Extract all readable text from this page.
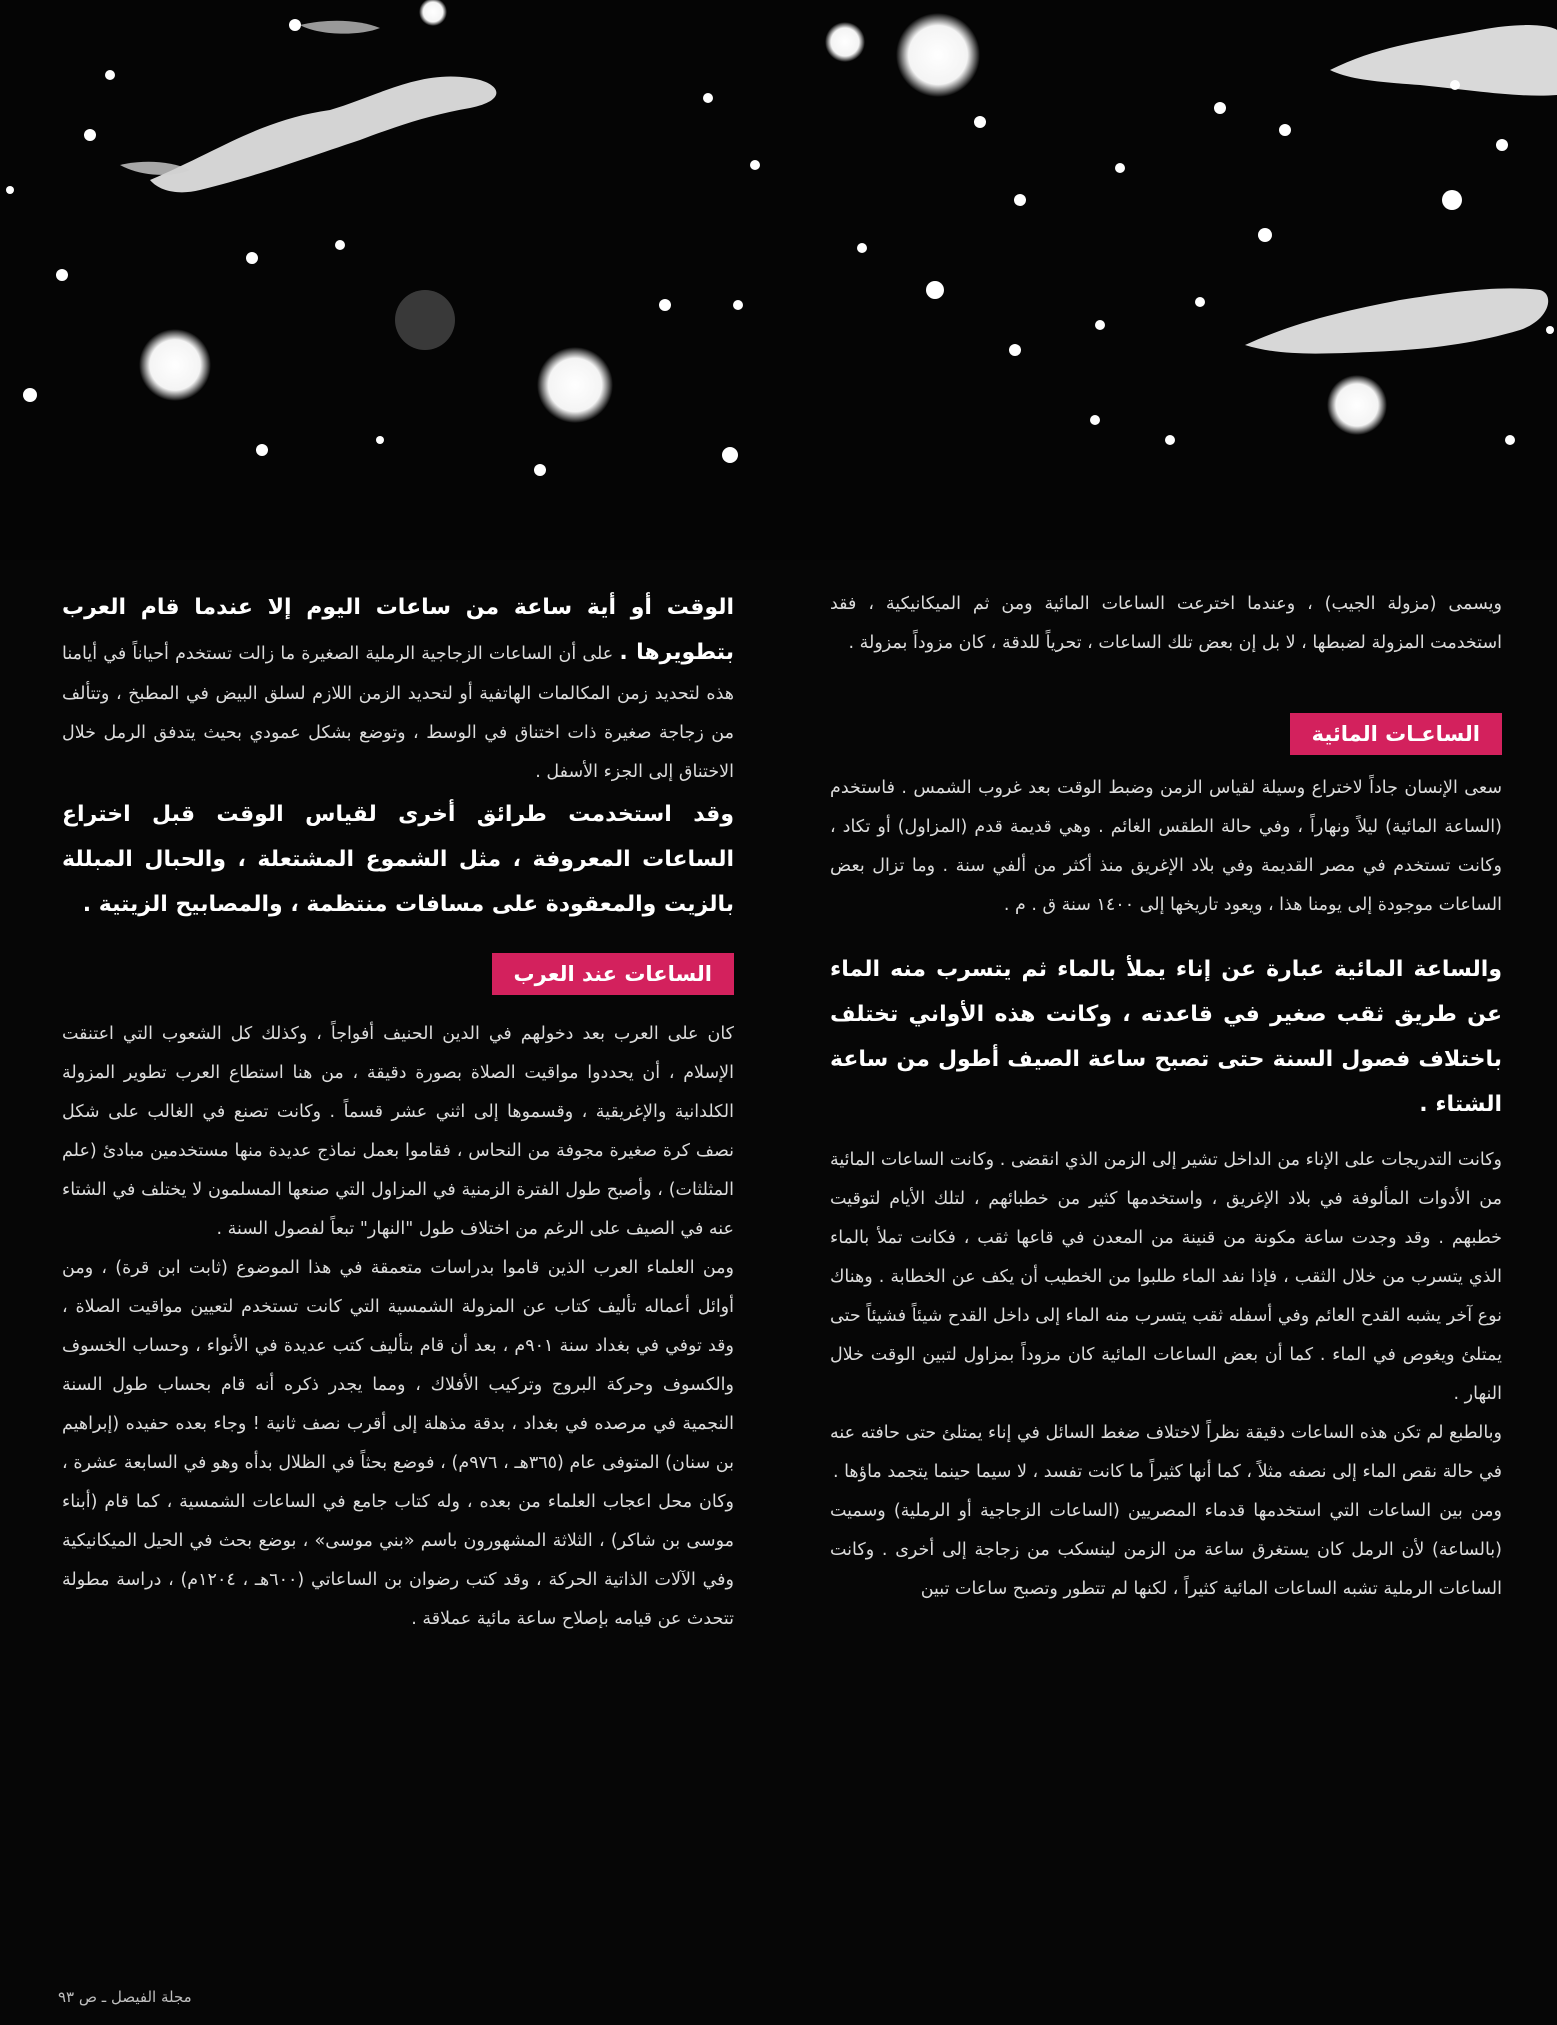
ويسمى (مزولة الجيب) ، وعندما اخترعت الساعات المائية ومن ثم الميكانيكية ، فقد استخدمت المزولة لضبطها ، لا بل إن بعض تلك الساعات ، تحرياً للدقة ، كان مزوداً بمزولة .

الساعـات المائية

سعى الإنسان جاداً لاختراع وسيلة لقياس الزمن وضبط الوقت بعد غروب الشمس . فاستخدم (الساعة المائية) ليلاً ونهاراً ، وفي حالة الطقس الغائم . وهي قديمة قدم (المزاول) أو تكاد ، وكانت تستخدم في مصر القديمة وفي بلاد الإغريق منذ أكثر من ألفي سنة . وما تزال بعض الساعات موجودة إلى يومنا هذا ، ويعود تاريخها إلى ١٤٠٠ سنة ق . م .

والساعة المائية عبارة عن إناء يملأ بالماء ثم يتسرب منه الماء عن طريق ثقب صغير في قاعدته ، وكانت هذه الأواني تختلف باختلاف فصول السنة حتى تصبح ساعة الصيف أطول من ساعة الشتاء .

وكانت التدريجات على الإناء من الداخل تشير إلى الزمن الذي انقضى . وكانت الساعات المائية من الأدوات المألوفة في بلاد الإغريق ، واستخدمها كثير من خطبائهم ، لتلك الأيام لتوقيت خطبهم . وقد وجدت ساعة مكونة من قنينة من المعدن في قاعها ثقب ، فكانت تملأ بالماء الذي يتسرب من خلال الثقب ، فإذا نفد الماء طلبوا من الخطيب أن يكف عن الخطابة . وهناك نوع آخر يشبه القدح العائم وفي أسفله ثقب يتسرب منه الماء إلى داخل القدح شيئاً فشيئاً حتى يمتلئ ويغوص في الماء . كما أن بعض الساعات المائية كان مزوداً بمزاول لتبين الوقت خلال النهار .

وبالطبع لم تكن هذه الساعات دقيقة نظراً لاختلاف ضغط السائل في إناء يمتلئ حتى حافته عنه في حالة نقص الماء إلى نصفه مثلاً ، كما أنها كثيراً ما كانت تفسد ، لا سيما حينما يتجمد ماؤها .

ومن بين الساعات التي استخدمها قدماء المصريين (الساعات الزجاجية أو الرملية) وسميت (بالساعة) لأن الرمل كان يستغرق ساعة من الزمن لينسكب من زجاجة إلى أخرى . وكانت الساعات الرملية تشبه الساعات المائية كثيراً ، لكنها لم تتطور وتصبح ساعات تبين

الوقت أو أية ساعة من ساعات اليوم إلا عندما قام العرب بتطويرها . على أن الساعات الزجاجية الرملية الصغيرة ما زالت تستخدم أحياناً في أيامنا هذه لتحديد زمن المكالمات الهاتفية أو لتحديد الزمن اللازم لسلق البيض في المطبخ ، وتتألف من زجاجة صغيرة ذات اختناق في الوسط ، وتوضع بشكل عمودي بحيث يتدفق الرمل خلال الاختناق إلى الجزء الأسفل .

وقد استخدمت طرائق أخرى لقياس الوقت قبل اختراع الساعات المعروفة ، مثل الشموع المشتعلة ، والحبال المبللة بالزيت والمعقودة على مسافات منتظمة ، والمصابيح الزيتية .

الساعات عند العرب

كان على العرب بعد دخولهم في الدين الحنيف أفواجاً ، وكذلك كل الشعوب التي اعتنقت الإسلام ، أن يحددوا مواقيت الصلاة بصورة دقيقة ، من هنا استطاع العرب تطوير المزولة الكلدانية والإغريقية ، وقسموها إلى اثني عشر قسماً . وكانت تصنع في الغالب على شكل نصف كرة صغيرة مجوفة من النحاس ، فقاموا بعمل نماذج عديدة منها مستخدمين مبادئ (علم المثلثات) ، وأصبح طول الفترة الزمنية في المزاول التي صنعها المسلمون لا يختلف في الشتاء عنه في الصيف على الرغم من اختلاف طول "النهار" تبعاً لفصول السنة .

ومن العلماء العرب الذين قاموا بدراسات متعمقة في هذا الموضوع (ثابت ابن قرة) ، ومن أوائل أعماله تأليف كتاب عن المزولة الشمسية التي كانت تستخدم لتعيين مواقيت الصلاة ، وقد توفي في بغداد سنة ٩٠١م ، بعد أن قام بتأليف كتب عديدة في الأنواء ، وحساب الخسوف والكسوف وحركة البروج وتركيب الأفلاك ، ومما يجدر ذكره أنه قام بحساب طول السنة النجمية في مرصده في بغداد ، بدقة مذهلة إلى أقرب نصف ثانية ! وجاء بعده حفيده (إبراهيم بن سنان) المتوفى عام (٣٦٥هـ ، ٩٧٦م) ، فوضع بحثاً في الظلال بدأه وهو في السابعة عشرة ، وكان محل اعجاب العلماء من بعده ، وله كتاب جامع في الساعات الشمسية ، كما قام (أبناء موسى بن شاكر) ، الثلاثة المشهورون باسم «بني موسى» ، بوضع بحث في الحيل الميكانيكية وفي الآلات الذاتية الحركة ، وقد كتب رضوان بن الساعاتي (٦٠٠هـ ، ١٢٠٤م) ، دراسة مطولة تتحدث عن قيامه بإصلاح ساعة مائية عملاقة .

مجلة الفيصل ـ ص ٩٣
